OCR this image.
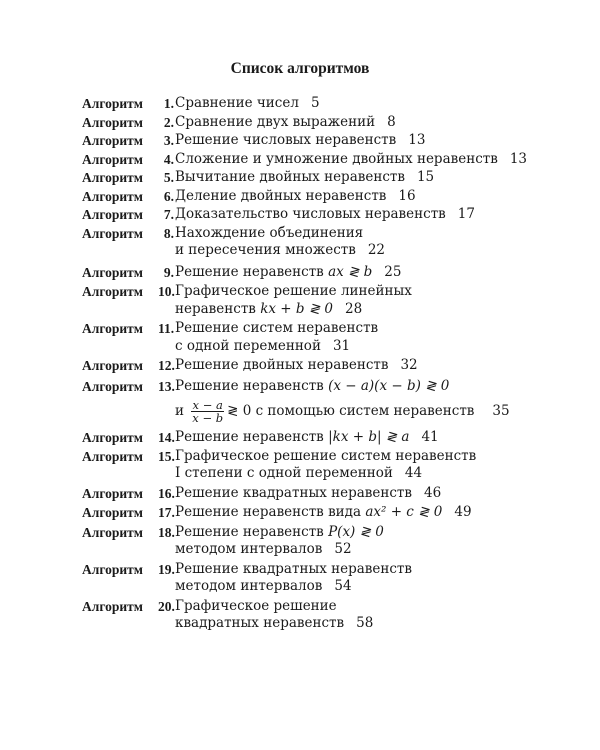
Список алгоритмов
Алгоритм 1. Сравнение чисел 5
Алгоритм 2. Сравнение двух выражений 8
Алгоритм 3. Решение числовых неравенств 13
Алгоритм 4. Сложение и умножение двойных неравенств 13
Алгоритм 5. Вычитание двойных неравенств 15
Алгоритм 6. Деление двойных неравенств 16
Алгоритм 7. Доказательство числовых неравенств 17
Алгоритм 8. Нахождение объединения
и пересечения множеств 22
Алгоритм 9. Решение неравенств ax ≷ b 25
Алгоритм 10. Графическое решение линейных
неравенств kx + b ≷ 0 28
Алгоритм 11. Решение систем неравенств
с одной переменной 31
Алгоритм 12. Решение двойных неравенств 32
Алгоритм 13. Решение неравенств (x − a)(x − b) ≷ 0
и $\frac{x - a}{x - b}$ ≷ 0 с помощью систем неравенств 35
Алгоритм 14. Решение неравенств |kx + b| ≷ a 41
Алгоритм 15. Графическое решение систем неравенств
I степени с одной переменной 44
Алгоритм 16. Решение квадратных неравенств 46
Алгоритм 17. Решение неравенств вида ax² + c ≷ 0 49
Алгоритм 18. Решение неравенств P(x) ≷ 0
методом интервалов 52
Алгоритм 19. Решение квадратных неравенств
методом интервалов 54
Алгоритм 20. Графическое решение
квадратных неравенств 58
